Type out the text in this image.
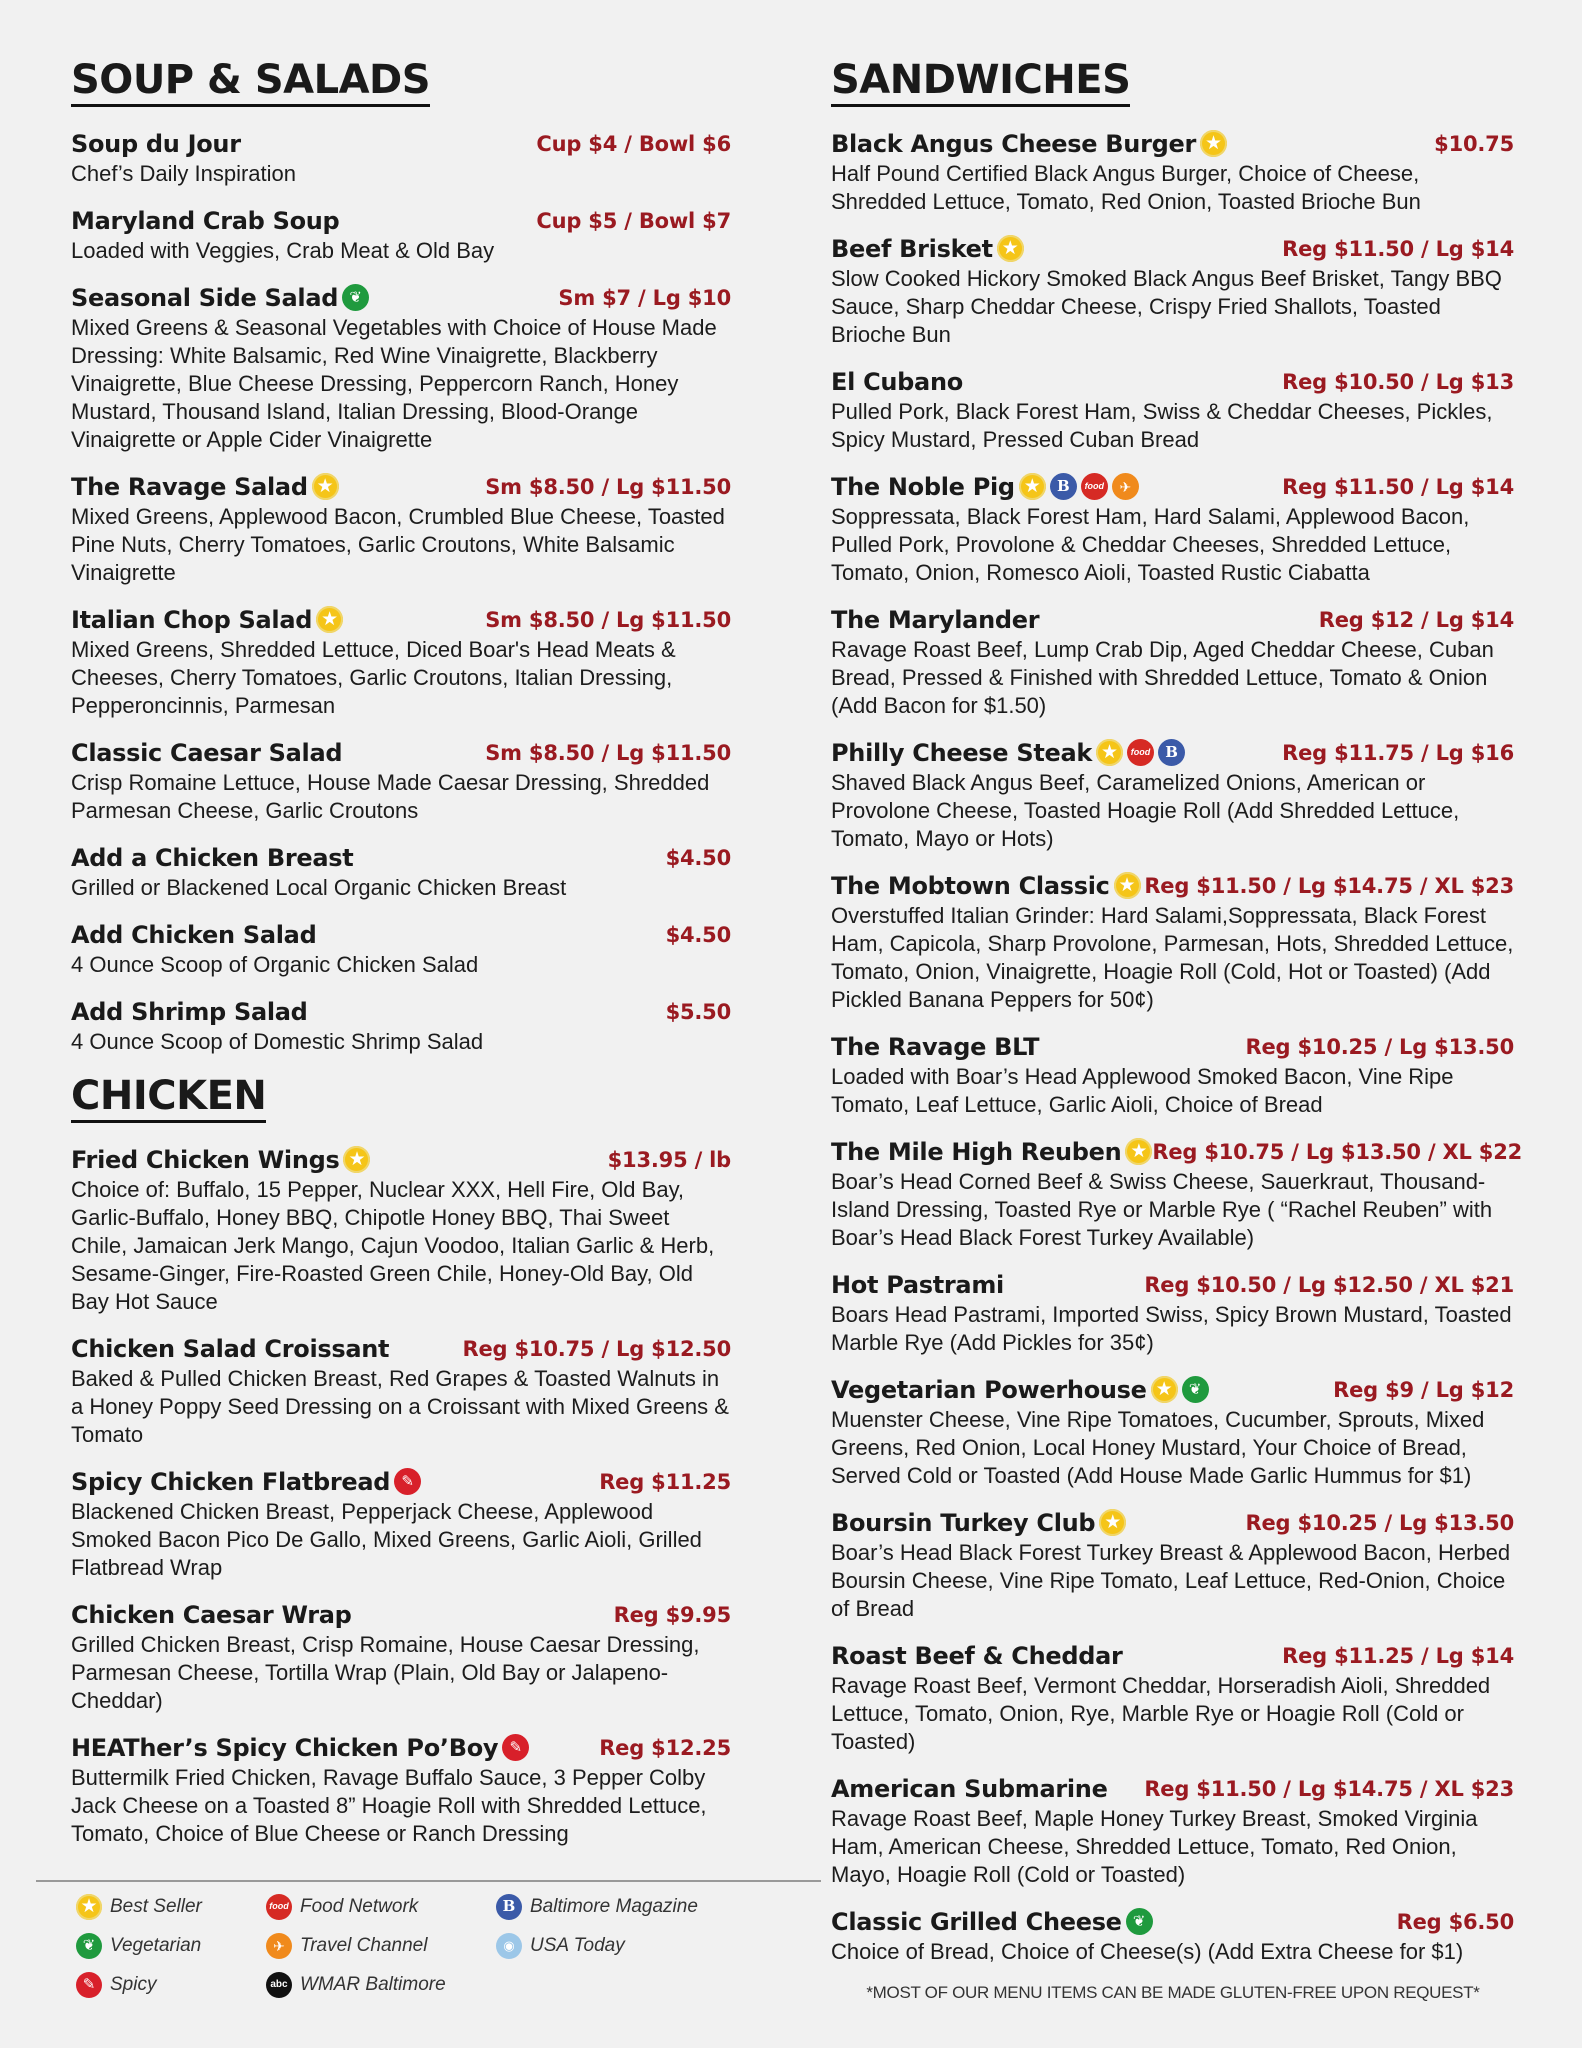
SOUP & SALADS
Soup du Jour	Cup $4 / Bowl $6
Chef’s Daily Inspiration
Maryland Crab Soup	Cup $5 / Bowl $7
Loaded with Veggies, Crab Meat & Old Bay
Seasonal Side Salad ❦	Sm $7 / Lg $10
Mixed Greens & Seasonal Vegetables with Choice of House Made Dressing: White Balsamic, Red Wine Vinaigrette, Blackberry Vinaigrette, Blue Cheese Dressing, Peppercorn Ranch, Honey Mustard, Thousand Island, Italian Dressing, Blood-Orange Vinaigrette or Apple Cider Vinaigrette
The Ravage Salad ★	Sm $8.50 / Lg $11.50
Mixed Greens, Applewood Bacon, Crumbled Blue Cheese, Toasted Pine Nuts, Cherry Tomatoes, Garlic Croutons, White Balsamic Vinaigrette
Italian Chop Salad ★	Sm $8.50 / Lg $11.50
Mixed Greens, Shredded Lettuce, Diced Boar's Head Meats & Cheeses, Cherry Tomatoes, Garlic Croutons, Italian Dressing, Pepperoncinnis, Parmesan
Classic Caesar Salad	Sm $8.50 / Lg $11.50
Crisp Romaine Lettuce, House Made Caesar Dressing, Shredded Parmesan Cheese, Garlic Croutons
Add a Chicken Breast	$4.50
Grilled or Blackened Local Organic Chicken Breast
Add Chicken Salad	$4.50
4 Ounce Scoop of Organic Chicken Salad
Add Shrimp Salad	$5.50
4 Ounce Scoop of Domestic Shrimp Salad
CHICKEN
Fried Chicken Wings ★	$13.95 / lb
Choice of: Buffalo, 15 Pepper, Nuclear XXX, Hell Fire, Old Bay, Garlic-Buffalo, Honey BBQ, Chipotle Honey BBQ, Thai Sweet Chile, Jamaican Jerk Mango, Cajun Voodoo, Italian Garlic & Herb, Sesame-Ginger, Fire-Roasted Green Chile, Honey-Old Bay, Old Bay Hot Sauce
Chicken Salad Croissant	Reg $10.75 / Lg $12.50
Baked & Pulled Chicken Breast, Red Grapes & Toasted Walnuts in a Honey Poppy Seed Dressing on a Croissant with Mixed Greens & Tomato
Spicy Chicken Flatbread ✎	Reg $11.25
Blackened Chicken Breast, Pepperjack Cheese, Applewood Smoked Bacon Pico De Gallo, Mixed Greens, Garlic Aioli, Grilled Flatbread Wrap
Chicken Caesar Wrap	Reg $9.95
Grilled Chicken Breast, Crisp Romaine, House Caesar Dressing, Parmesan Cheese, Tortilla Wrap (Plain, Old Bay or Jalapeno-Cheddar)
HEATher’s Spicy Chicken Po’Boy ✎	Reg $12.25
Buttermilk Fried Chicken, Ravage Buffalo Sauce, 3 Pepper Colby Jack Cheese on a Toasted 8” Hoagie Roll with Shredded Lettuce, Tomato, Choice of Blue Cheese or Ranch Dressing
SANDWICHES
Black Angus Cheese Burger ★	$10.75
Half Pound Certified Black Angus Burger, Choice of Cheese, Shredded Lettuce, Tomato, Red Onion, Toasted Brioche Bun
Beef Brisket ★	Reg $11.50 / Lg $14
Slow Cooked Hickory Smoked Black Angus Beef Brisket, Tangy BBQ Sauce, Sharp Cheddar Cheese, Crispy Fried Shallots, Toasted Brioche Bun
El Cubano	Reg $10.50 / Lg $13
Pulled Pork, Black Forest Ham, Swiss & Cheddar Cheeses, Pickles, Spicy Mustard, Pressed Cuban Bread
The Noble Pig ★	B	food	✈	Reg $11.50 / Lg $14
Soppressata, Black Forest Ham, Hard Salami, Applewood Bacon, Pulled Pork, Provolone & Cheddar Cheeses, Shredded Lettuce, Tomato, Onion, Romesco Aioli, Toasted Rustic Ciabatta
The Marylander	Reg $12 / Lg $14
Ravage Roast Beef, Lump Crab Dip, Aged Cheddar Cheese, Cuban Bread, Pressed & Finished with Shredded Lettuce, Tomato & Onion (Add Bacon for $1.50)
Philly Cheese Steak ★	food B	Reg $11.75 / Lg $16
Shaved Black Angus Beef, Caramelized Onions, American or Provolone Cheese, Toasted Hoagie Roll (Add Shredded Lettuce, Tomato, Mayo or Hots)
The Mobtown Classic ★ Reg $11.50 / Lg $14.75 / XL $23
Overstuffed Italian Grinder: Hard Salami,Soppressata, Black Forest Ham, Capicola, Sharp Provolone, Parmesan, Hots, Shredded Lettuce, Tomato, Onion, Vinaigrette, Hoagie Roll (Cold, Hot or Toasted) (Add Pickled Banana Peppers for 50¢)
The Ravage BLT	Reg $10.25 / Lg $13.50
Loaded with Boar’s Head Applewood Smoked Bacon, Vine Ripe Tomato, Leaf Lettuce, Garlic Aioli, Choice of Bread
The Mile High Reuben ★ Reg $10.75 / Lg $13.50 / XL $22
Boar’s Head Corned Beef & Swiss Cheese, Sauerkraut, Thousand-Island Dressing, Toasted Rye or Marble Rye ( “Rachel Reuben” with Boar’s Head Black Forest Turkey Available)
Hot Pastrami	Reg $10.50 / Lg $12.50 / XL $21
Boars Head Pastrami, Imported Swiss, Spicy Brown Mustard, Toasted Marble Rye (Add Pickles for 35¢)
Vegetarian Powerhouse ★	❦	Reg $9 / Lg $12
Muenster Cheese, Vine Ripe Tomatoes, Cucumber, Sprouts, Mixed Greens, Red Onion, Local Honey Mustard, Your Choice of Bread, Served Cold or Toasted (Add House Made Garlic Hummus for $1)
Boursin Turkey Club ★	Reg $10.25 / Lg $13.50
Boar’s Head Black Forest Turkey Breast & Applewood Bacon, Herbed Boursin Cheese, Vine Ripe Tomato, Leaf Lettuce, Red-Onion, Choice of Bread
Roast Beef & Cheddar	Reg $11.25 / Lg $14
Ravage Roast Beef, Vermont Cheddar, Horseradish Aioli, Shredded Lettuce, Tomato, Onion, Rye, Marble Rye or Hoagie Roll (Cold or Toasted)
American Submarine Reg $11.50 / Lg $14.75 / XL $23
Ravage Roast Beef, Maple Honey Turkey Breast, Smoked Virginia Ham, American Cheese, Shredded Lettuce, Tomato, Red Onion, Mayo, Hoagie Roll (Cold or Toasted)
Classic Grilled Cheese ❦	Reg $6.50
Choice of Bread, Choice of Cheese(s) (Add Extra Cheese for $1)
★ Best Seller	food Food Network	B Baltimore Magazine
❦ Vegetarian	✈ Travel Channel	◉ USA Today
✎ Spicy	abc WMAR Baltimore	*MOST OF OUR MENU ITEMS CAN BE MADE GLUTEN-FREE UPON REQUEST*
